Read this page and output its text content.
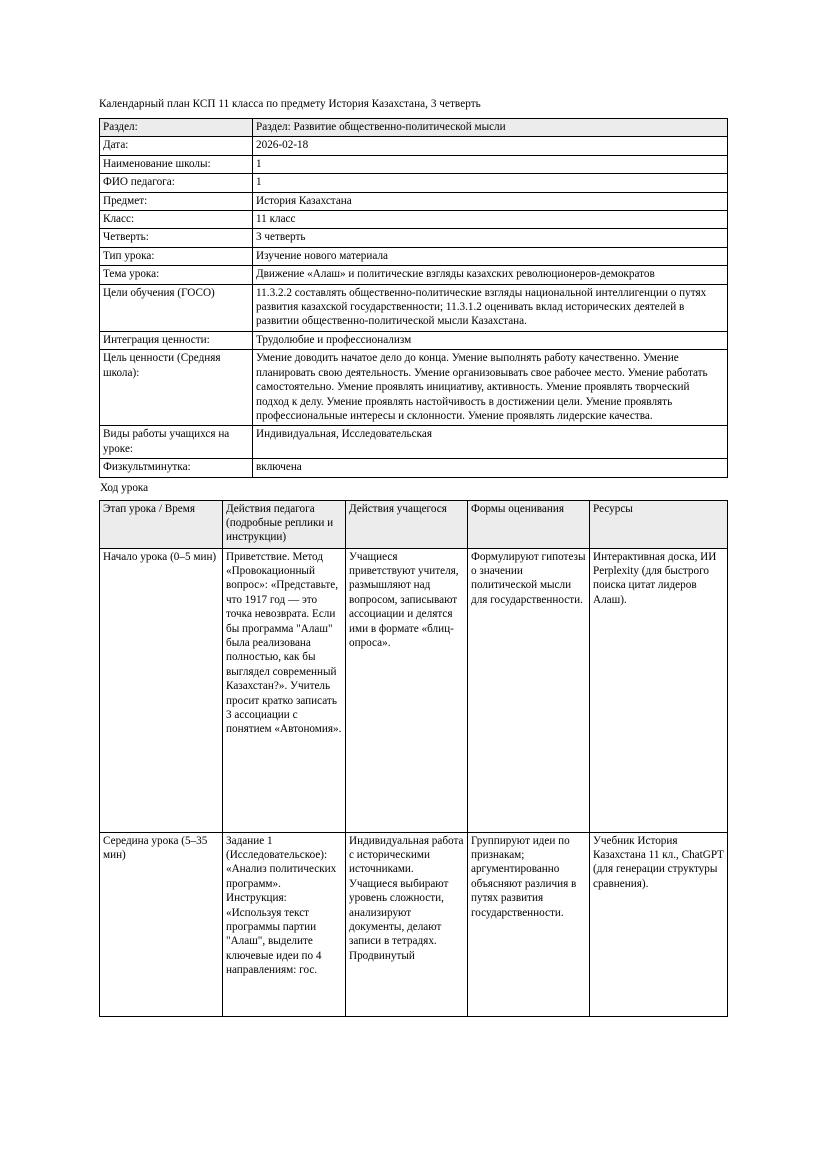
Календарный план КСП 11 класса по предмету История Казахстана, 3 четверть

Раздел:	Раздел: Развитие общественно-политической мысли
Дата:	2026-02-18
Наименование школы:	1
ФИО педагога:	1
Предмет:	История Казахстана
Класс:	11 класс
Четверть:	3 четверть
Тип урока:	Изучение нового материала
Тема урока:	Движение «Алаш» и политические взгляды казахских революционеров-демократов
Цели обучения (ГОСО)	11.3.2.2 составлять общественно-политические взгляды национальной интеллигенции о путях развития казахской государственности; 11.3.1.2 оценивать вклад исторических деятелей в развитии общественно-политической мысли Казахстана.
Интеграция ценности:	Трудолюбие и профессионализм
Цель ценности (Средняя школа):	Умение доводить начатое дело до конца. Умение выполнять работу качественно. Умение планировать свою деятельность. Умение организовывать свое рабочее место. Умение работать самостоятельно. Умение проявлять инициативу, активность. Умение проявлять творческий подход к делу. Умение проявлять настойчивость в достижении цели. Умение проявлять профессиональные интересы и склонности. Умение проявлять лидерские качества.
Виды работы учащихся на уроке:	Индивидуальная, Исследовательская
Физкультминутка:	включена

Ход урока

Этап урока / Время	Действия педагога (подробные реплики и инструкции)	Действия учащегося	Формы оценивания	Ресурсы
Начало урока (0–5 мин)	Приветствие. Метод «Провокационный вопрос»: «Представьте, что 1917 год — это точка невозврата. Если бы программа "Алаш" была реализована полностью, как бы выглядел современный Казахстан?». Учитель просит кратко записать 3 ассоциации с понятием «Автономия».	Учащиеся приветствуют учителя, размышляют над вопросом, записывают ассоциации и делятся ими в формате «блиц-опроса».	Формулируют гипотезы о значении политической мысли для государственности.	Интерактивная доска, ИИ Perplexity (для быстрого поиска цитат лидеров Алаш).
Середина урока (5–35 мин)	Задание 1 (Исследовательское): «Анализ политических программ». Инструкция: «Используя текст программы партии "Алаш", выделите ключевые идеи по 4 направлениям: гос.	Индивидуальная работа с историческими источниками. Учащиеся выбирают уровень сложности, анализируют документы, делают записи в тетрадях. Продвинутый	Группируют идеи по признакам; аргументированно объясняют различия в путях развития государственности.	Учебник История Казахстана 11 кл., ChatGPT (для генерации структуры сравнения).
